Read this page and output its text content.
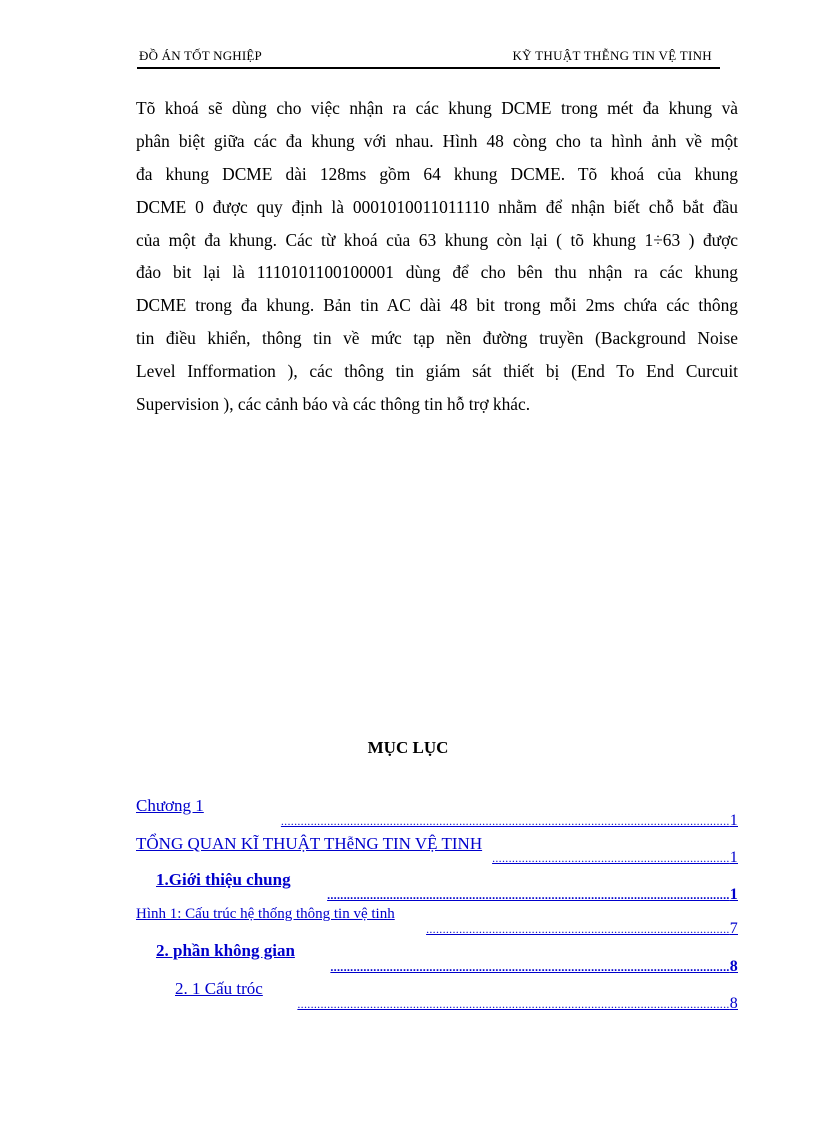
ĐỒ ÁN TỐT NGHIỆP	KỸ THUẬT THỄNG TIN VỆ TINH
Tõ khoá sẽ dùng cho việc nhận ra các khung DCME trong mét đa khung và
phân biệt giữa các đa khung với nhau. Hình 48 còng cho ta hình ảnh về một
đa khung DCME dài 128ms gồm 64 khung DCME. Tõ khoá của khung
DCME 0 được quy định là 0001010011011110 nhằm để nhận biết chỗ bắt đầu
của một đa khung. Các từ khoá của 63 khung còn lại ( tõ khung 1÷63 ) được
đảo bit lại là 1110101100100001 dùng để cho bên thu nhận ra các khung
DCME trong đa khung. Bản tin AC dài 48 bit trong mỗi 2ms chứa các thông
tin điều khiển, thông tin về mức tạp nền đường truyền (Background Noise
Level Infformation ), các thông tin giám sát thiết bị (End To End Curcuit
Supervision ), các cảnh báo và các thông tin hỗ trợ khác.
MỤC LỤC
Chương 1
........................................................................................................................................1
TỔNG QUAN KĨ THUẬT THễNG TIN VỆ TINH
........................................................................1
1.Giới thiệu chung
..........................................................................................................................1
Hình 1: Cấu trúc hệ thống thông tin vệ tinh
............................................................................................7
2. phần không gian
.........................................................................................................................8
2. 1 Cấu tróc
...................................................................................................................................8
